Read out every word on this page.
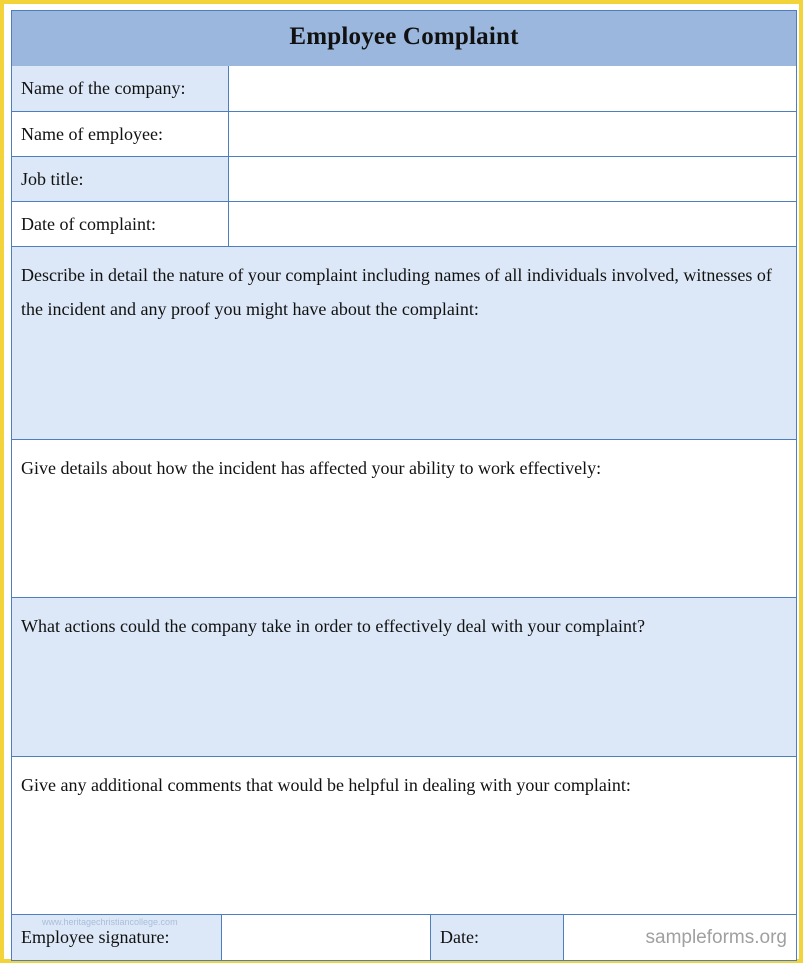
Employee Complaint
Name of the company:
Name of employee:
Job title:
Date of complaint:
Describe in detail the nature of your complaint including names of all individuals involved, witnesses of the incident and any proof you might have about the complaint:
Give details about how the incident has affected your ability to work effectively:
What actions could the company take in order to effectively deal with your complaint?
Give any additional comments that would be helpful in dealing with your complaint:
Employee signature:	Date:
www.heritagechristiancollege.com
sampleforms.org
